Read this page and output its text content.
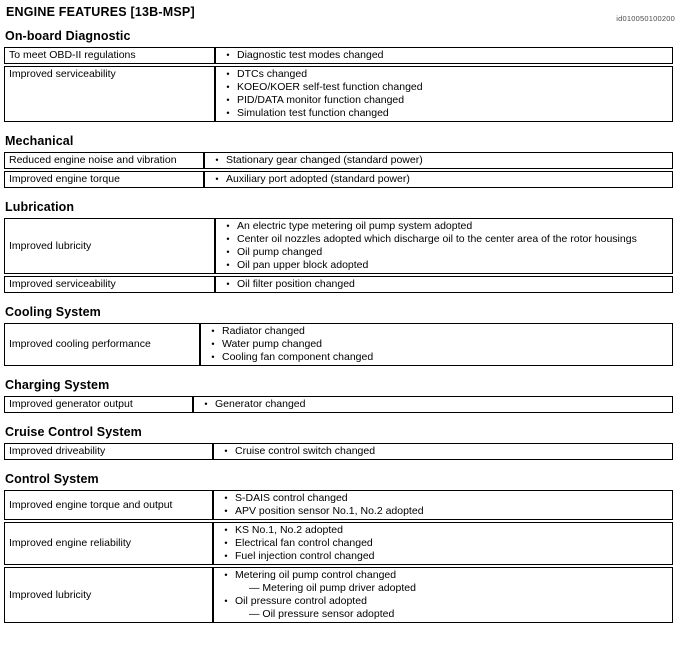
ENGINE FEATURES [13B-MSP]	id010050100200
On-board Diagnostic
To meet OBD-II regulations	• Diagnostic test modes changed

Improved serviceability	• DTCs changed
• KOEO/KOER self-test function changed
• PID/DATA monitor function changed
• Simulation test function changed
Mechanical
Reduced engine noise and vibration	• Stationary gear changed (standard power)

Improved engine torque	• Auxiliary port adopted (standard power)
Lubrication
Improved lubricity	
• An electric type metering oil pump system adopted
• Center oil nozzles adopted which discharge oil to the center area of the rotor housings
• Oil pump changed
• Oil pan upper block adopted

Improved serviceability	• Oil filter position changed
Cooling System
Improved cooling performance	
• Radiator changed
• Water pump changed
• Cooling fan component changed
Charging System
Improved generator output	• Generator changed
Cruise Control System
Improved driveability	• Cruise control switch changed
Control System
Improved engine torque and output	• S-DAIS control changed
• APV position sensor No.1, No.2 adopted

Improved engine reliability	
• KS No.1, No.2 adopted
• Electrical fan control changed
• Fuel injection control changed

Improved lubricity	
• Metering oil pump control changed
— Metering oil pump driver adopted
• Oil pressure control adopted
— Oil pressure sensor adopted
